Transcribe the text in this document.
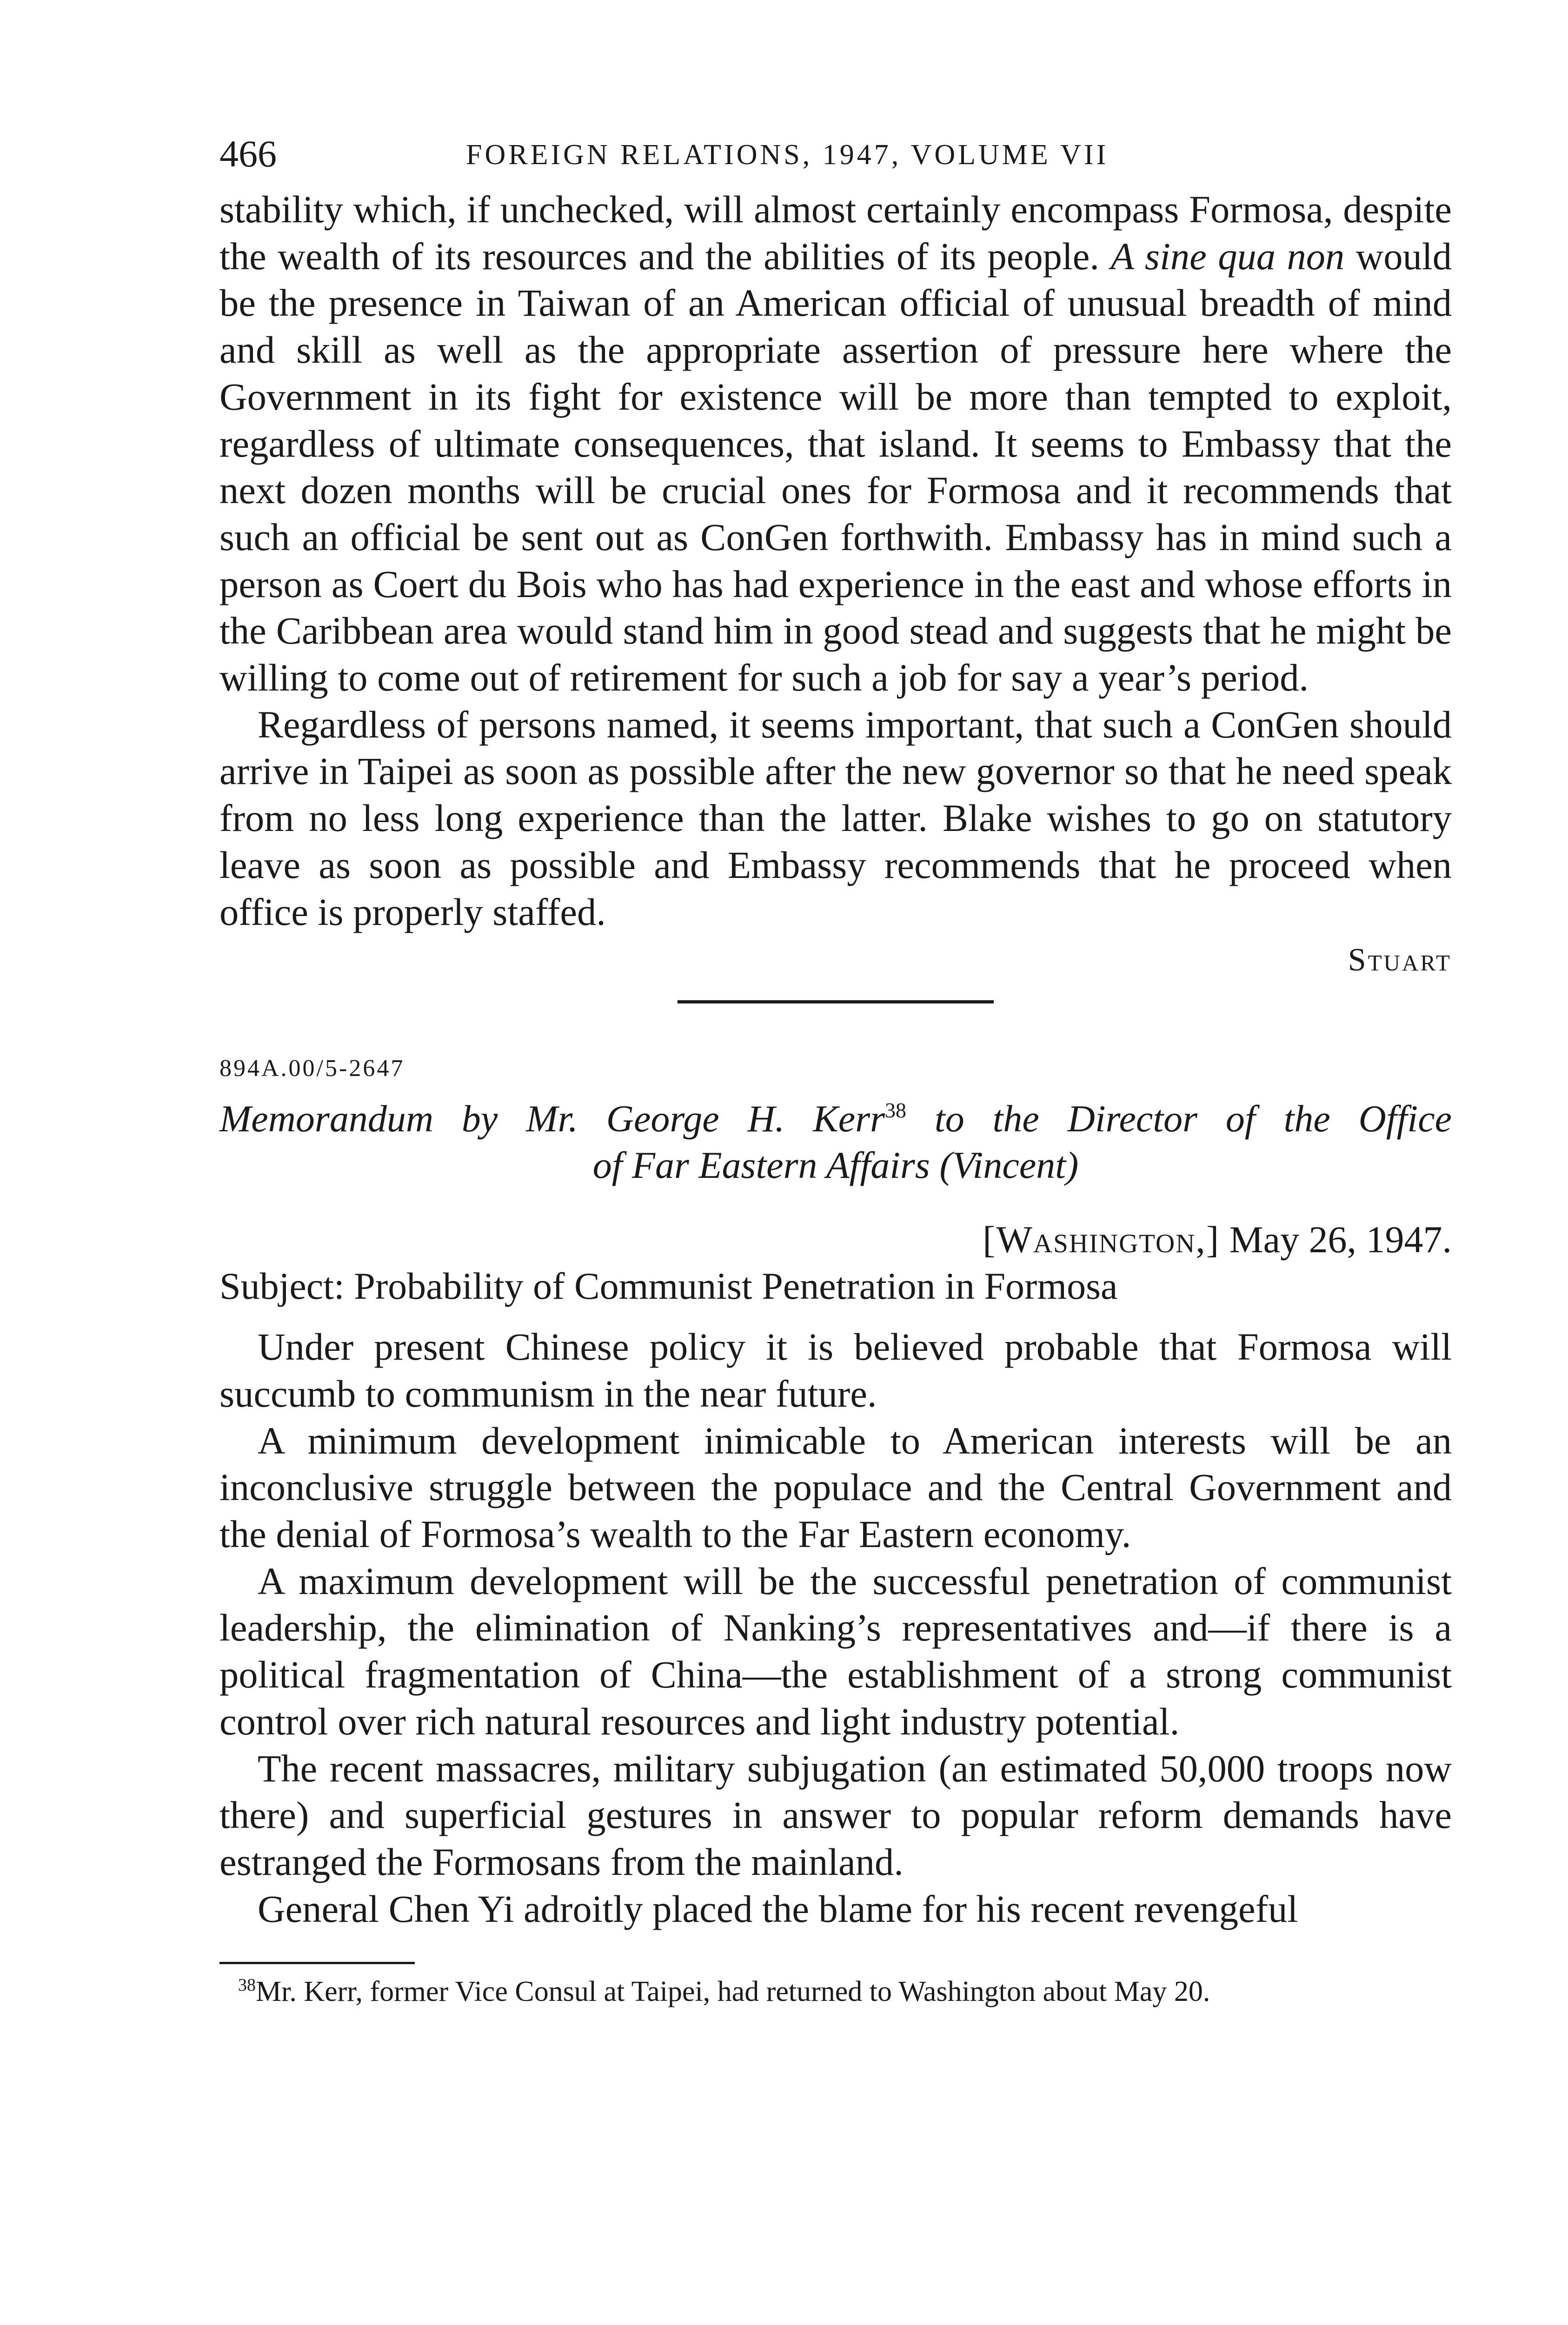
466	FOREIGN RELATIONS, 1947, VOLUME VII

stability which, if unchecked, will almost certainly encompass Formosa, despite the wealth of its resources and the abilities of its people. A sine qua non would be the presence in Taiwan of an American official of unusual breadth of mind and skill as well as the appropriate assertion of pressure here where the Government in its fight for existence will be more than tempted to exploit, regardless of ultimate consequences, that island. It seems to Embassy that the next dozen months will be crucial ones for Formosa and it recommends that such an official be sent out as ConGen forthwith. Embassy has in mind such a person as Coert du Bois who has had experience in the east and whose efforts in the Caribbean area would stand him in good stead and suggests that he might be willing to come out of retirement for such a job for say a year’s period.

Regardless of persons named, it seems important, that such a ConGen should arrive in Taipei as soon as possible after the new governor so that he need speak from no less long experience than the latter. Blake wishes to go on statutory leave as soon as possible and Embassy recommends that he proceed when office is properly staffed.

Stuart
894A.00/5-2647
Memorandum by Mr. George H. Kerr$^{38}$ to the Director of the Office
of Far Eastern Affairs (Vincent)
[Washington,] May 26, 1947.
Subject: Probability of Communist Penetration in Formosa

Under present Chinese policy it is believed probable that Formosa will succumb to communism in the near future.

A minimum development inimicable to American interests will be an inconclusive struggle between the populace and the Central Government and the denial of Formosa’s wealth to the Far Eastern economy.

A maximum development will be the successful penetration of communist leadership, the elimination of Nanking’s representatives and—if there is a political fragmentation of China—the establishment of a strong communist control over rich natural resources and light industry potential.

The recent massacres, military subjugation (an estimated 50,000 troops now there) and superficial gestures in answer to popular reform demands have estranged the Formosans from the mainland.

General Chen Yi adroitly placed the blame for his recent revengeful

$^{38}$Mr. Kerr, former Vice Consul at Taipei, had returned to Washington about May 20.
